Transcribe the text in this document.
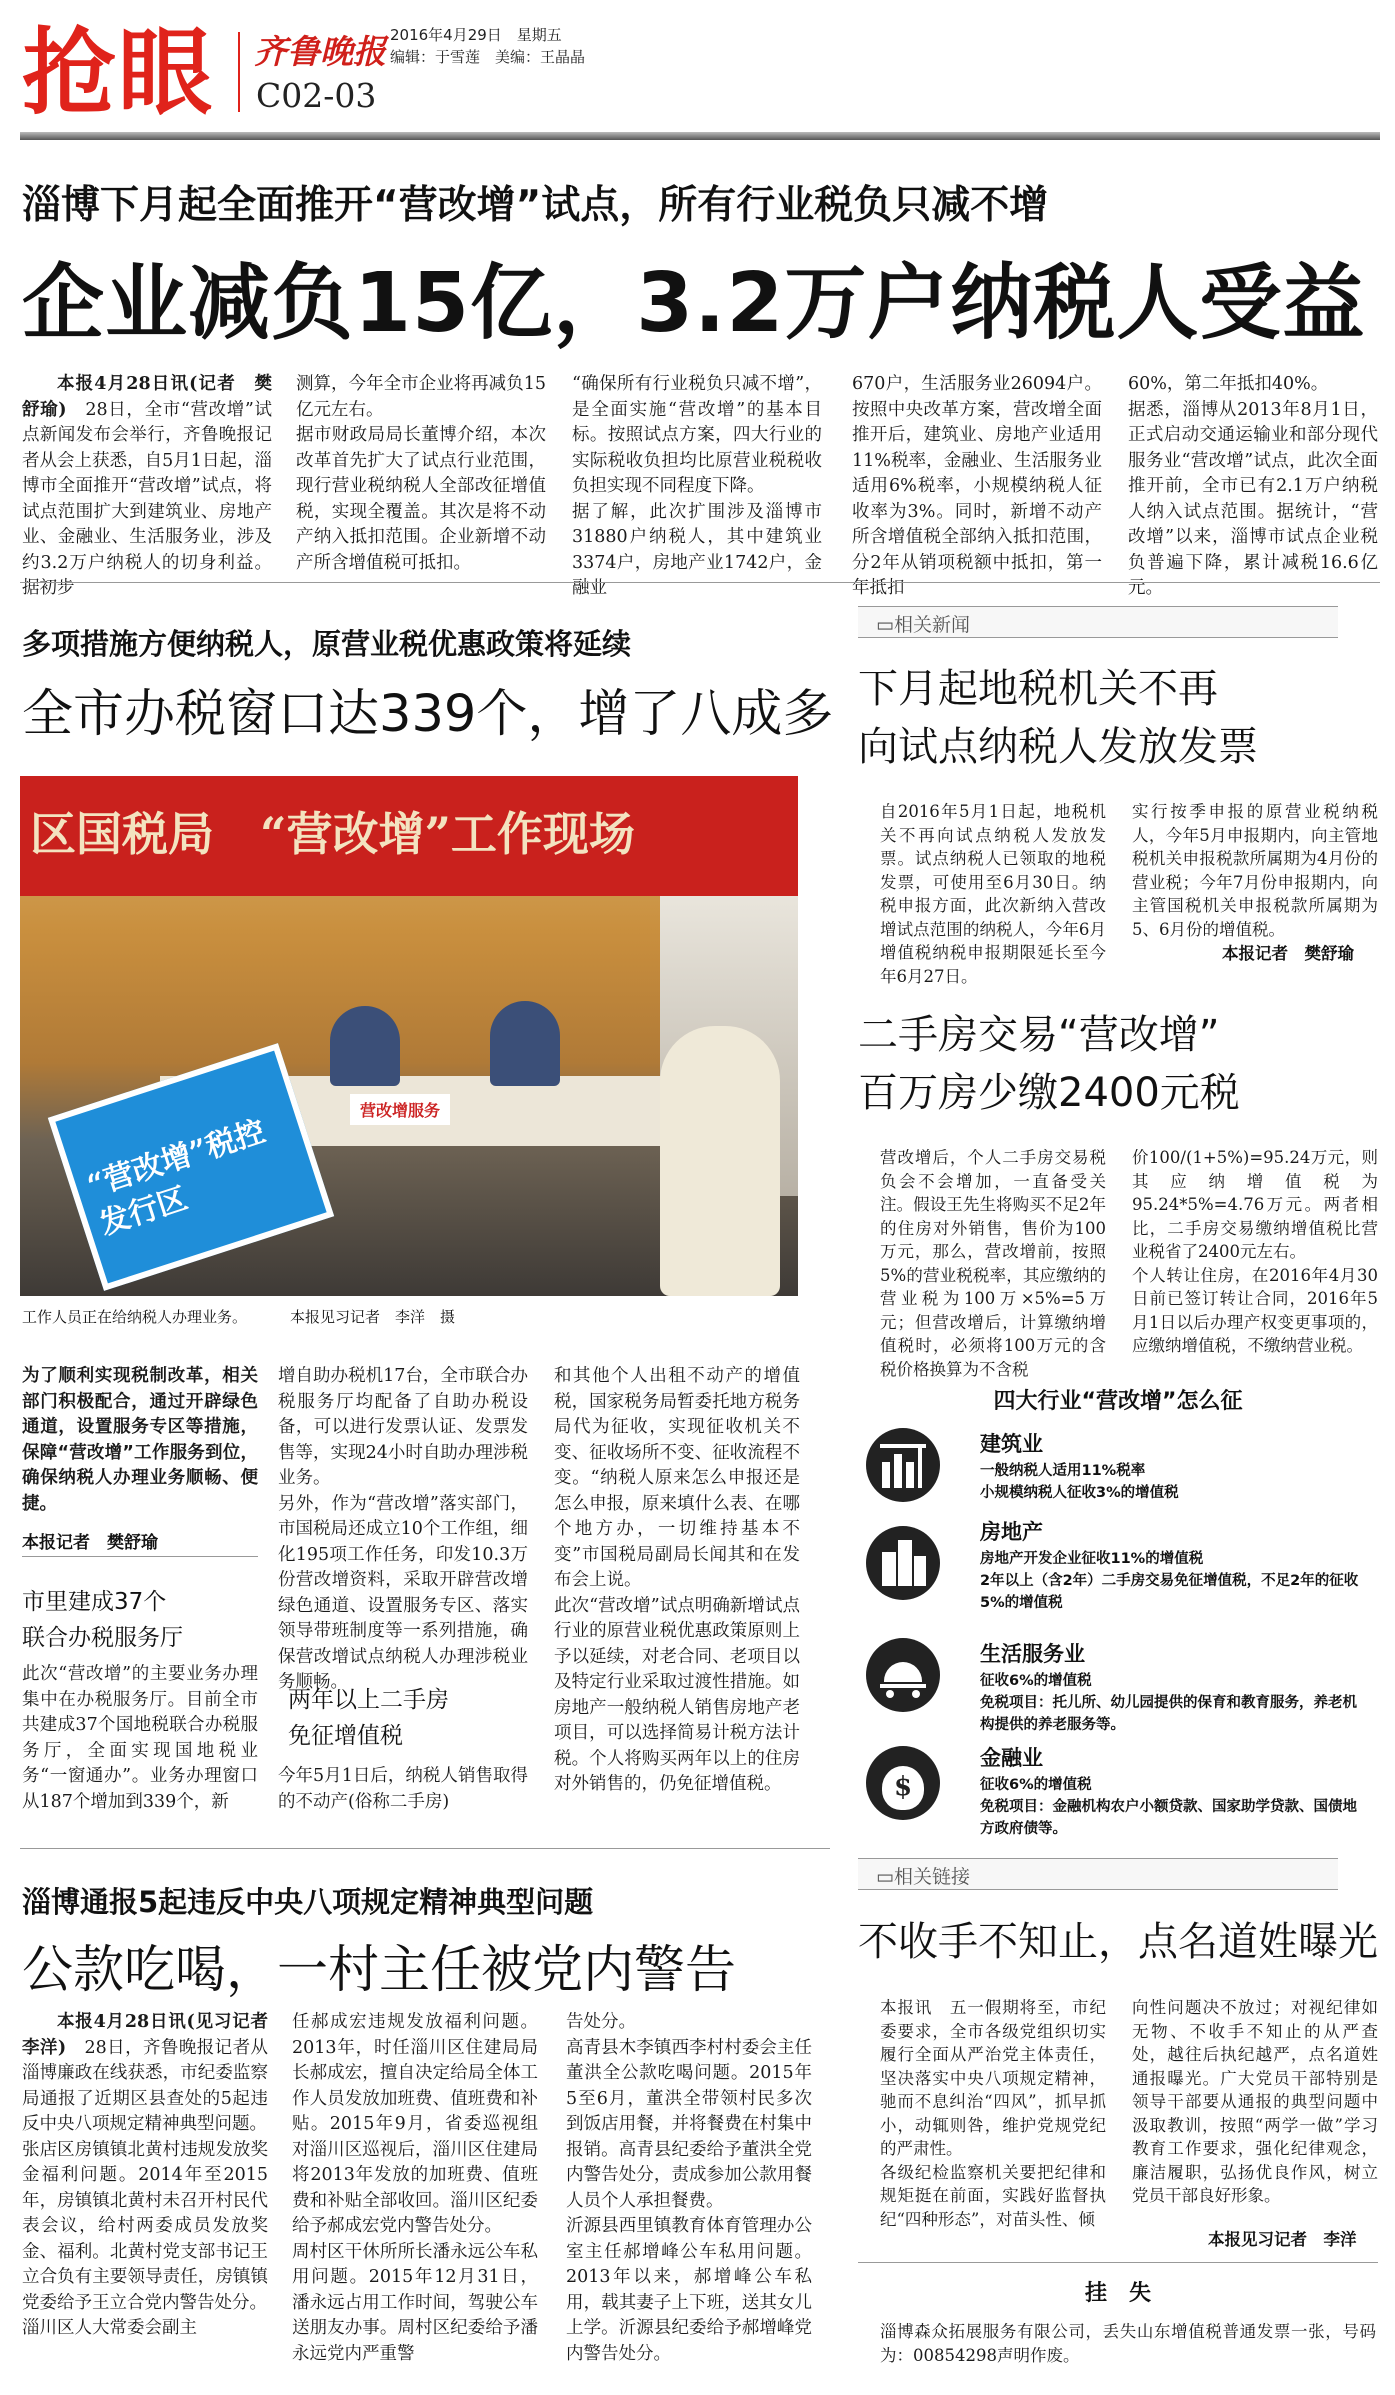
抢眼 齐鲁晚报 2016年4月29日　星期五
编辑：于雪莲　美编：王晶晶
C02-03
淄博下月起全面推开“营改增”试点，所有行业税负只减不增
企业减负15亿，3.2万户纳税人受益

本报4月28日讯(记者　樊舒瑜)　 28日，全市“营改增”试点新闻发布会举行，齐鲁晚报记者从会上获悉，自5月1日起，淄博市全面推开“营改增”试点，将试点范围扩大到建筑业、房地产业、金融业、生活服务业，涉及约3.2万户纳税人的切身利益。据初步

测算，今年全市企业将再减负15亿元左右。
据市财政局局长董博介绍，本次改革首先扩大了试点行业范围，现行营业税纳税人全部改征增值税，实现全覆盖。其次是将不动产纳入抵扣范围。企业新增不动产所含增值税可抵扣。
“确保所有行业税负只减不增”，是全面实施“营改增”的基本目标。按照试点方案，四大行业的实际税收负担均比原营业税税收负担实现不同程度下降。
据了解，此次扩围涉及淄博市31880户纳税人，其中建筑业3374户，房地产业1742户，金融业
670户，生活服务业26094户。按照中央改革方案，营改增全面推开后，建筑业、房地产业适用11%税率，金融业、生活服务业适用6%税率，小规模纳税人征收率为3%。同时，新增不动产所含增值税全部纳入抵扣范围，分2年从销项税额中抵扣，第一年抵扣
60%，第二年抵扣40%。
据悉，淄博从2013年8月1日，正式启动交通运输业和部分现代服务业“营改增”试点，此次全面推开前，全市已有2.1万户纳税人纳入试点范围。据统计，“营改增”以来，淄博市试点企业税负普遍下降，累计减税16.6亿元。
多项措施方便纳税人，原营业税优惠政策将延续
全市办税窗口达339个，增了八成多
区国税局　“营改增”工作现场
营改增服务
“营改增”税控发行区
工作人员正在给纳税人办理业务。	本报见习记者　李洋　摄
为了顺利实现税制改革，相关部门积极配合，通过开辟绿色通道，设置服务专区等措施，保障“营改增”工作服务到位，确保纳税人办理业务顺畅、便捷。
本报记者　樊舒瑜
市里建成37个
联合办税服务厅
此次“营改增”的主要业务办理集中在办税服务厅。目前全市共建成37个国地税联合办税服务厅，全面实现国地税业务“一窗通办”。业务办理窗口从187个增加到339个，新
增自助办税机17台，全市联合办税服务厅均配备了自助办税设备，可以进行发票认证、发票发售等，实现24小时自助办理涉税业务。
另外，作为“营改增”落实部门，市国税局还成立10个工作组，细化195项工作任务，印发10.3万份营改增资料，采取开辟营改增绿色通道、设置服务专区、落实领导带班制度等一系列措施，确保营改增试点纳税人办理涉税业务顺畅。
两年以上二手房
免征增值税
今年5月1日后，纳税人销售取得的不动产(俗称二手房)
和其他个人出租不动产的增值税，国家税务局暂委托地方税务局代为征收，实现征收机关不变、征收场所不变、征收流程不变。“纳税人原来怎么申报还是怎么申报，原来填什么表、在哪个地方办，一切维持基本不变”市国税局副局长闻其和在发布会上说。
此次“营改增”试点明确新增试点行业的原营业税优惠政策原则上予以延续，对老合同、老项目以及特定行业采取过渡性措施。如房地产一般纳税人销售房地产老项目，可以选择简易计税方法计税。个人将购买两年以上的住房对外销售的，仍免征增值税。
▭相关新闻
下月起地税机关不再
向试点纳税人发放发票
自2016年5月1日起，地税机关不再向试点纳税人发放发票。试点纳税人已领取的地税发票，可使用至6月30日。纳税申报方面，此次新纳入营改增试点范围的纳税人，今年6月增值税纳税申报期限延长至今年6月27日。
实行按季申报的原营业税纳税人，今年5月申报期内，向主管地税机关申报税款所属期为4月份的营业税；今年7月份申报期内，向主管国税机关申报税款所属期为5、6月份的增值税。
本报记者　樊舒瑜
二手房交易“营改增”
百万房少缴2400元税
营改增后，个人二手房交易税负会不会增加，一直备受关注。假设王先生将购买不足2年的住房对外销售，售价为100万元，那么，营改增前，按照5%的营业税税率，其应缴纳的营业税为100万×5%=5万元；但营改增后，计算缴纳增值税时，必须将100万元的含税价格换算为不含税
价100/(1+5%)=95.24万元，则其应纳增值税为95.24*5%=4.76万元。两者相比，二手房交易缴纳增值税比营业税省了2400元左右。
个人转让住房，在2016年4月30日前已签订转让合同，2016年5月1日以后办理产权变更事项的，应缴纳增值税，不缴纳营业税。
四大行业“营改增”怎么征
建筑业
一般纳税人适用11%税率
小规模纳税人征收3%的增值税
房地产
房地产开发企业征收11%的增值税
2年以上（含2年）二手房交易免征增值税，不足2年的征收5%的增值税
生活服务业
征收6%的增值税
免税项目：托儿所、幼儿园提供的保育和教育服务，养老机构提供的养老服务等。
$
金融业
征收6%的增值税
免税项目：金融机构农户小额贷款、国家助学贷款、国债地方政府债等。
淄博通报5起违反中央八项规定精神典型问题
公款吃喝，一村主任被党内警告

本报4月28日讯(见习记者　李洋)　 28日，齐鲁晚报记者从淄博廉政在线获悉，市纪委监察局通报了近期区县查处的5起违反中央八项规定精神典型问题。
张店区房镇镇北黄村违规发放奖金福利问题。2014年至2015年，房镇镇北黄村未召开村民代表会议，给村两委成员发放奖金、福利。北黄村党支部书记王立合负有主要领导责任，房镇镇党委给予王立合党内警告处分。
淄川区人大常委会副主

任郝成宏违规发放福利问题。2013年，时任淄川区住建局局长郝成宏，擅自决定给局全体工作人员发放加班费、值班费和补贴。2015年9月，省委巡视组对淄川区巡视后，淄川区住建局将2013年发放的加班费、值班费和补贴全部收回。淄川区纪委给予郝成宏党内警告处分。
周村区干休所所长潘永远公车私用问题。2015年12月31日，潘永远占用工作时间，驾驶公车送朋友办事。周村区纪委给予潘永远党内严重警
告处分。
高青县木李镇西李村村委会主任董洪全公款吃喝问题。2015年5至6月，董洪全带领村民多次到饭店用餐，并将餐费在村集中报销。高青县纪委给予董洪全党内警告处分，责成参加公款用餐人员个人承担餐费。
沂源县西里镇教育体育管理办公室主任郝增峰公车私用问题。2013年以来，郝增峰公车私用，载其妻子上下班，送其女儿上学。沂源县纪委给予郝增峰党内警告处分。
▭相关链接
不收手不知止，点名道姓曝光
本报讯　五一假期将至，市纪委要求，全市各级党组织切实履行全面从严治党主体责任，坚决落实中央八项规定精神，驰而不息纠治“四风”，抓早抓小，动辄则咎，维护党规党纪的严肃性。
各级纪检监察机关要把纪律和规矩挺在前面，实践好监督执纪“四种形态”，对苗头性、倾
向性问题决不放过；对视纪律如无物、不收手不知止的从严查处，越往后执纪越严，点名道姓通报曝光。广大党员干部特别是领导干部要从通报的典型问题中汲取教训，按照“两学一做”学习教育工作要求，强化纪律观念，廉洁履职，弘扬优良作风，树立党员干部良好形象。
本报见习记者　李洋
挂　失
淄博森众拓展服务有限公司，丢失山东增值税普通发票一张，号码为：00854298声明作废。
